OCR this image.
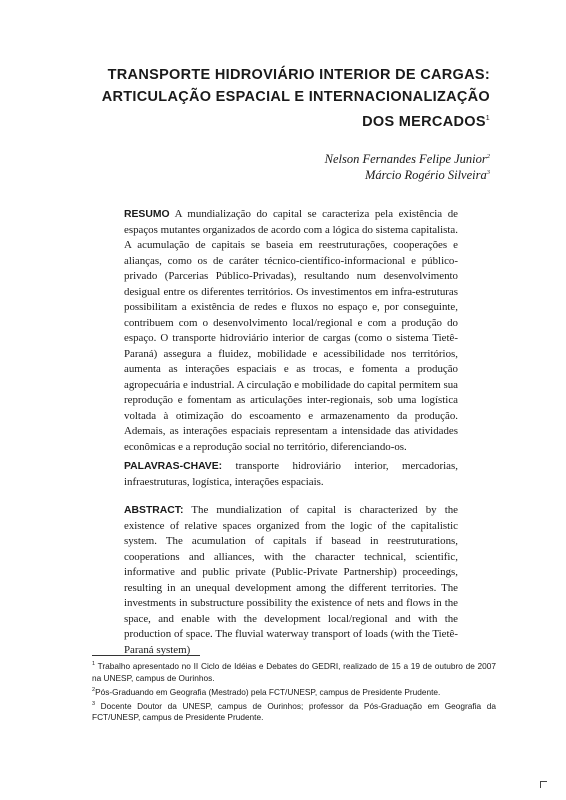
TRANSPORTE HIDROVIÁRIO INTERIOR DE CARGAS:
ARTICULAÇÃO ESPACIAL E INTERNACIONALIZAÇÃO
DOS MERCADOS$^1$
Nelson Fernandes Felipe Junior$^2$
Márcio Rogério Silveira$^3$
RESUMO A mundialização do capital se caracteriza pela existência de espaços mutantes organizados de acordo com a lógica do sistema capitalista. A acumulação de capitais se baseia em reestruturações, cooperações e alianças, como os de caráter técnico-científico-informacional e público-privado (Parcerias Público-Privadas), resultando num desenvolvimento desigual entre os diferentes territórios. Os investimentos em infra-estruturas possibilitam a existência de redes e fluxos no espaço e, por conseguinte, contribuem com o desenvolvimento local/regional e com a produção do espaço. O transporte hidroviário interior de cargas (como o sistema Tietê-Paraná) assegura a fluidez, mobilidade e acessibilidade nos territórios, aumenta as interações espaciais e as trocas, e fomenta a produção agropecuária e industrial. A circulação e mobilidade do capital permitem sua reprodução e fomentam as articulações inter-regionais, sob uma logística voltada à otimização do escoamento e armazenamento da produção. Ademais, as interações espaciais representam a intensidade das atividades econômicas e a reprodução social no território, diferenciando-os.
PALAVRAS-CHAVE: transporte hidroviário interior, mercadorias, infraestruturas, logística, interações espaciais.
ABSTRACT: The mundialization of capital is characterized by the existence of relative spaces organized from the logic of the capitalistic system. The acumulation of capitals if basead in reestruturations, cooperations and alliances, with the character technical, scientific, informative and public private (Public-Private Partnership) proceedings, resulting in an unequal development among the different territories. The investments in substructure possibility the existence of nets and flows in the space, and enable with the development local/regional and with the production of space. The fluvial waterway transport of loads (with the Tietê-Paraná system)
$^1$ Trabalho apresentado no II Ciclo de Idéias e Debates do GEDRI, realizado de 15 a 19 de outubro de 2007 na UNESP, campus de Ourinhos.
$^2$Pós-Graduando em Geografia (Mestrado) pela FCT/UNESP, campus de Presidente Prudente.
$^3$ Docente Doutor da UNESP, campus de Ourinhos; professor da Pós-Graduação em Geografia da FCT/UNESP, campus de Presidente Prudente.
